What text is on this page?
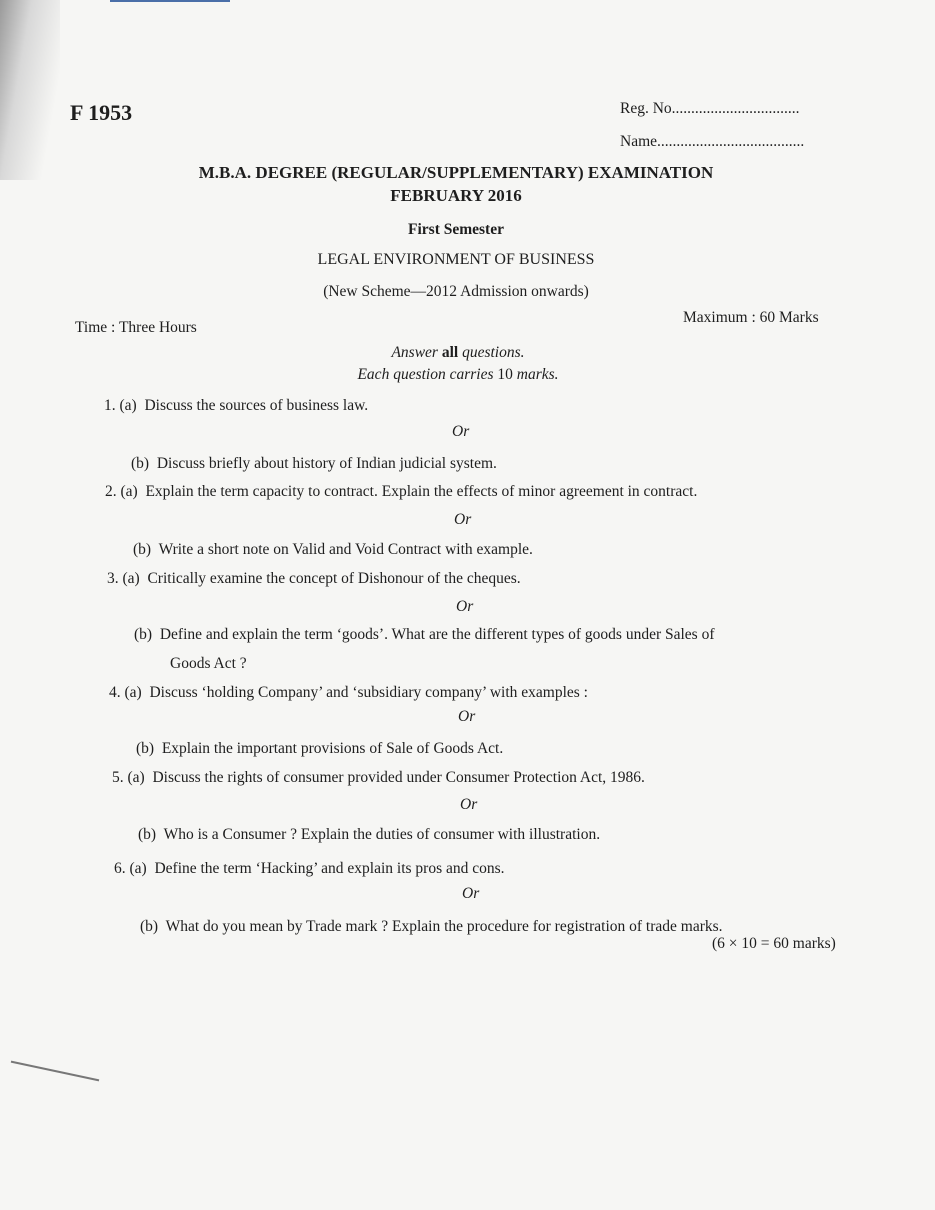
F 1953	Reg. No.................................
Name......................................
M.B.A. DEGREE (REGULAR/SUPPLEMENTARY) EXAMINATION
FEBRUARY 2016
First Semester
LEGAL ENVIRONMENT OF BUSINESS
(New Scheme—2012 Admission onwards)
Time : Three Hours
Maximum : 60 Marks
Answer all questions.
Each question carries 10 marks.
1. (a) Discuss the sources of business law.
Or
(b) Discuss briefly about history of Indian judicial system.
2. (a) Explain the term capacity to contract. Explain the effects of minor agreement in contract.
Or
(b) Write a short note on Valid and Void Contract with example.
3. (a) Critically examine the concept of Dishonour of the cheques.
Or
(b) Define and explain the term ‘goods’. What are the different types of goods under Sales of
Goods Act ?
4. (a) Discuss ‘holding Company’ and ‘subsidiary company’ with examples :
Or
(b) Explain the important provisions of Sale of Goods Act.
5. (a) Discuss the rights of consumer provided under Consumer Protection Act, 1986.
Or
(b) Who is a Consumer ? Explain the duties of consumer with illustration.
6. (a) Define the term ‘Hacking’ and explain its pros and cons.
Or
(b) What do you mean by Trade mark ? Explain the procedure for registration of trade marks.
(6 × 10 = 60 marks)
